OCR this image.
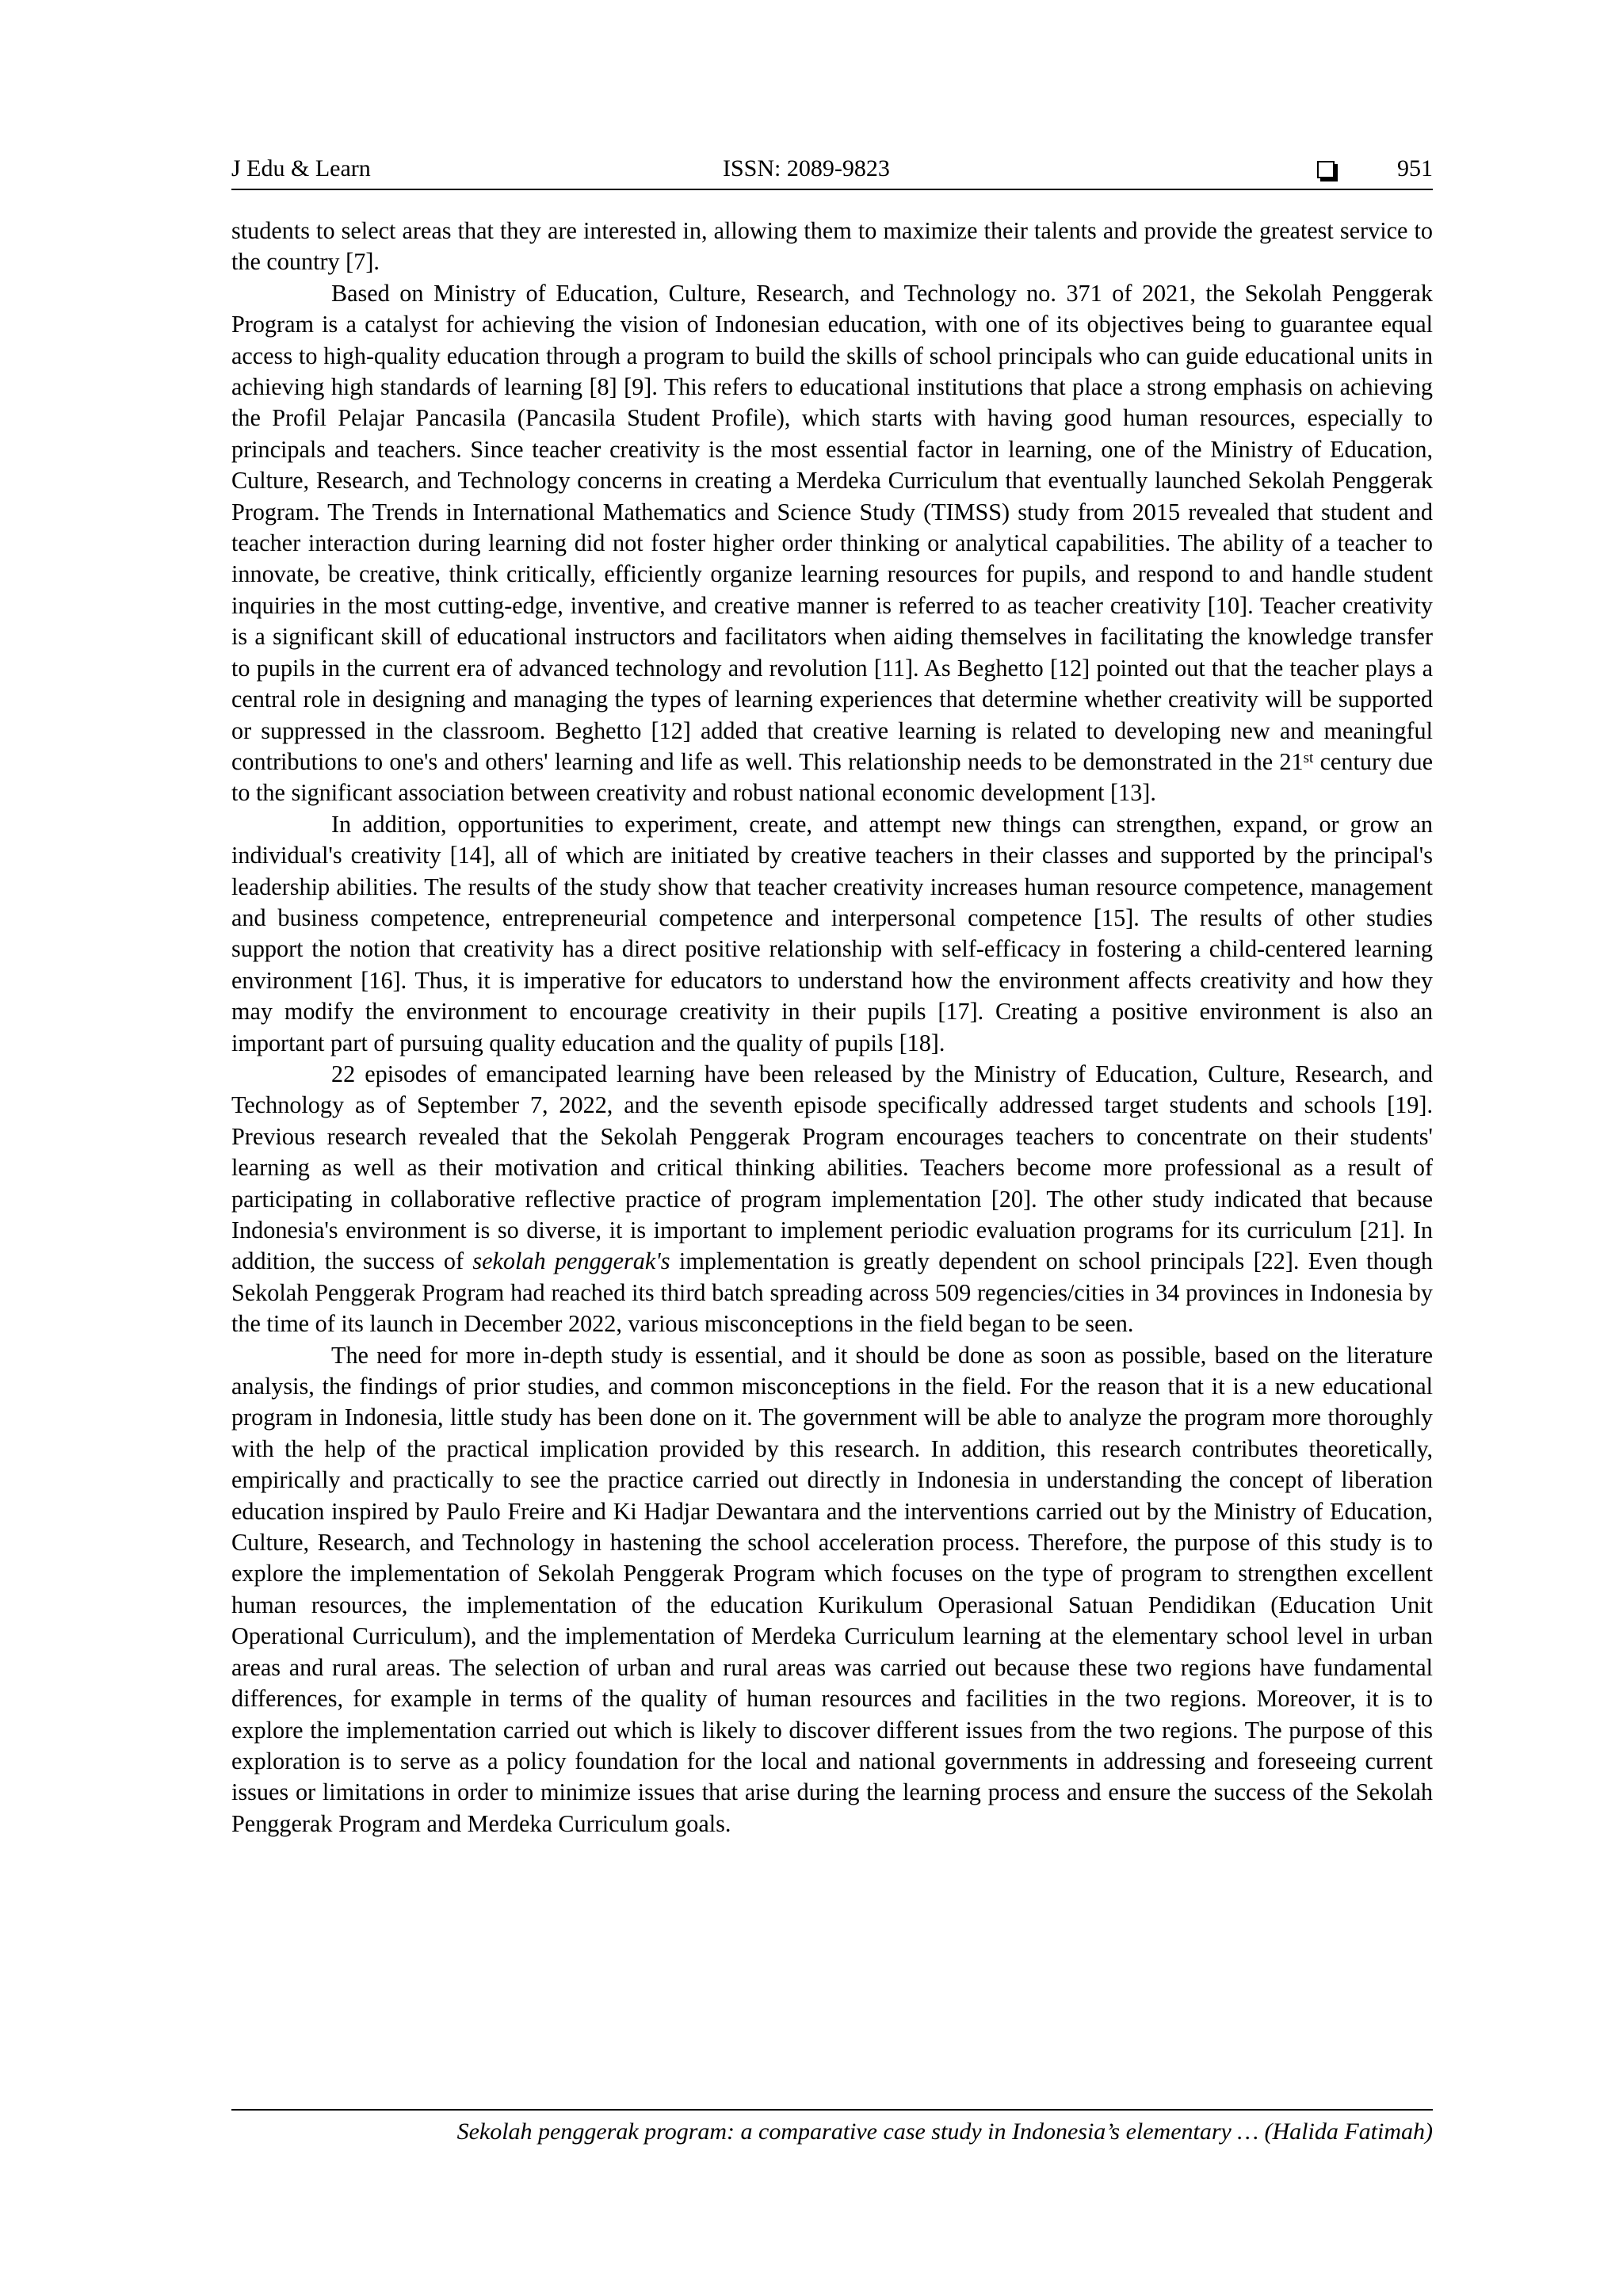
J Edu & Learn	ISSN: 2089-9823	951

students to select areas that they are interested in, allowing them to maximize their talents and provide the greatest service to the country [7].

Based on Ministry of Education, Culture, Research, and Technology no. 371 of 2021, the Sekolah Penggerak Program is a catalyst for achieving the vision of Indonesian education, with one of its objectives being to guarantee equal access to high-quality education through a program to build the skills of school principals who can guide educational units in achieving high standards of learning [8] [9]. This refers to educational institutions that place a strong emphasis on achieving the Profil Pelajar Pancasila (Pancasila Student Profile), which starts with having good human resources, especially to principals and teachers. Since teacher creativity is the most essential factor in learning, one of the Ministry of Education, Culture, Research, and Technology concerns in creating a Merdeka Curriculum that eventually launched Sekolah Penggerak Program. The Trends in International Mathematics and Science Study (TIMSS) study from 2015 revealed that student and teacher interaction during learning did not foster higher order thinking or analytical capabilities. The ability of a teacher to innovate, be creative, think critically, efficiently organize learning resources for pupils, and respond to and handle student inquiries in the most cutting-edge, inventive, and creative manner is referred to as teacher creativity [10]. Teacher creativity is a significant skill of educational instructors and facilitators when aiding themselves in facilitating the knowledge transfer to pupils in the current era of advanced technology and revolution [11]. As Beghetto [12] pointed out that the teacher plays a central role in designing and managing the types of learning experiences that determine whether creativity will be supported or suppressed in the classroom. Beghetto [12] added that creative learning is related to developing new and meaningful contributions to one's and others' learning and life as well. This relationship needs to be demonstrated in the 21st century due to the significant association between creativity and robust national economic development [13].

In addition, opportunities to experiment, create, and attempt new things can strengthen, expand, or grow an individual's creativity [14], all of which are initiated by creative teachers in their classes and supported by the principal's leadership abilities. The results of the study show that teacher creativity increases human resource competence, management and business competence, entrepreneurial competence and interpersonal competence [15]. The results of other studies support the notion that creativity has a direct positive relationship with self-efficacy in fostering a child-centered learning environment [16]. Thus, it is imperative for educators to understand how the environment affects creativity and how they may modify the environment to encourage creativity in their pupils [17]. Creating a positive environment is also an important part of pursuing quality education and the quality of pupils [18].

22 episodes of emancipated learning have been released by the Ministry of Education, Culture, Research, and Technology as of September 7, 2022, and the seventh episode specifically addressed target students and schools [19]. Previous research revealed that the Sekolah Penggerak Program encourages teachers to concentrate on their students' learning as well as their motivation and critical thinking abilities. Teachers become more professional as a result of participating in collaborative reflective practice of program implementation [20]. The other study indicated that because Indonesia's environment is so diverse, it is important to implement periodic evaluation programs for its curriculum [21]. In addition, the success of sekolah penggerak's implementation is greatly dependent on school principals [22]. Even though Sekolah Penggerak Program had reached its third batch spreading across 509 regencies/cities in 34 provinces in Indonesia by the time of its launch in December 2022, various misconceptions in the field began to be seen.

The need for more in-depth study is essential, and it should be done as soon as possible, based on the literature analysis, the findings of prior studies, and common misconceptions in the field. For the reason that it is a new educational program in Indonesia, little study has been done on it. The government will be able to analyze the program more thoroughly with the help of the practical implication provided by this research. In addition, this research contributes theoretically, empirically and practically to see the practice carried out directly in Indonesia in understanding the concept of liberation education inspired by Paulo Freire and Ki Hadjar Dewantara and the interventions carried out by the Ministry of Education, Culture, Research, and Technology in hastening the school acceleration process. Therefore, the purpose of this study is to explore the implementation of Sekolah Penggerak Program which focuses on the type of program to strengthen excellent human resources, the implementation of the education Kurikulum Operasional Satuan Pendidikan (Education Unit Operational Curriculum), and the implementation of Merdeka Curriculum learning at the elementary school level in urban areas and rural areas. The selection of urban and rural areas was carried out because these two regions have fundamental differences, for example in terms of the quality of human resources and facilities in the two regions. Moreover, it is to explore the implementation carried out which is likely to discover different issues from the two regions. The purpose of this exploration is to serve as a policy foundation for the local and national governments in addressing and foreseeing current issues or limitations in order to minimize issues that arise during the learning process and ensure the success of the Sekolah Penggerak Program and Merdeka Curriculum goals.

Sekolah penggerak program: a comparative case study in Indonesia’s elementary … (Halida Fatimah)
